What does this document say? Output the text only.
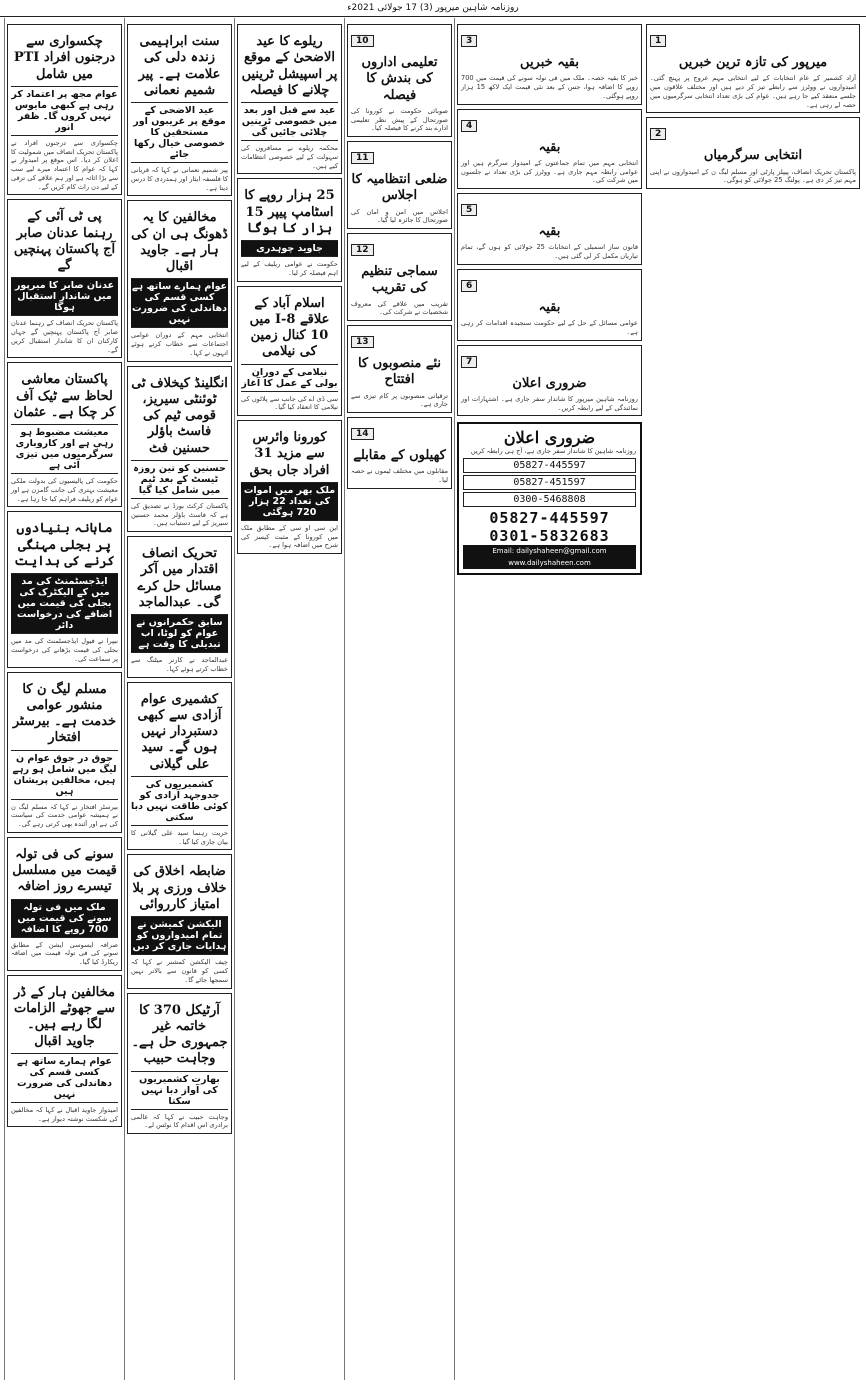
روزنامہ شاہین میرپور (3) 17 جولائی 2021ء
1
میرپور کی تازہ ترین خبریں
آزاد کشمیر کے عام انتخابات کے لیے انتخابی مہم عروج پر پہنچ گئی۔ امیدواروں نے ووٹرز سے رابطے تیز کر دیے ہیں اور مختلف علاقوں میں جلسے منعقد کیے جا رہے ہیں۔ عوام کی بڑی تعداد انتخابی سرگرمیوں میں حصہ لے رہی ہے۔
2
انتخابی سرگرمیاں
پاکستان تحریک انصاف، پیپلز پارٹی اور مسلم لیگ ن کے امیدواروں نے اپنی مہم تیز کر دی ہے۔ پولنگ 25 جولائی کو ہوگی۔
3
بقیہ خبریں
خبر کا بقیہ حصہ۔ ملک میں فی تولہ سونے کی قیمت میں 700 روپے کا اضافہ ہوا، جس کے بعد نئی قیمت ایک لاکھ 15 ہزار روپے ہوگئی۔
4
بقیہ
انتخابی مہم میں تمام جماعتوں کے امیدوار سرگرم ہیں اور عوامی رابطہ مہم جاری ہے۔ ووٹرز کی بڑی تعداد نے جلسوں میں شرکت کی۔
5
بقیہ
قانون ساز اسمبلی کے انتخابات 25 جولائی کو ہوں گے، تمام تیاریاں مکمل کر لی گئی ہیں۔
6
بقیہ
عوامی مسائل کے حل کے لیے حکومت سنجیدہ اقدامات کر رہی ہے۔
7
ضروری اعلان
روزنامہ شاہین میرپور کا شاندار سفر جاری ہے۔ اشتہارات اور نمائندگی کے لیے رابطہ کریں۔
ضروری اعلان
روزنامہ شاہین کا شاندار سفر جاری ہے، آج ہی رابطہ کریں
05827-445597
05827-451597
0300-5468808
05827-445597
0301-5832683
Email: dailyshaheen@gmail.com
www.dailyshaheen.com
10
تعلیمی اداروں کی بندش کا فیصلہ
صوبائی حکومت نے کورونا کی صورتحال کے پیش نظر تعلیمی ادارے بند کرنے کا فیصلہ کیا۔
11
ضلعی انتظامیہ کا اجلاس
اجلاس میں امن و امان کی صورتحال کا جائزہ لیا گیا۔
12
سماجی تنظیم کی تقریب
تقریب میں علاقے کی معروف شخصیات نے شرکت کی۔
13
نئے منصوبوں کا افتتاح
ترقیاتی منصوبوں پر کام تیزی سے جاری ہے۔
14
کھیلوں کے مقابلے
مقابلوں میں مختلف ٹیموں نے حصہ لیا۔
ریلوے کا عید الاضحیٰ کے موقع پر اسپیشل ٹرینیں چلانے کا فیصلہ
عید سے قبل اور بعد میں خصوصی ٹرینیں چلائی جائیں گی
محکمہ ریلوے نے مسافروں کی سہولت کے لیے خصوصی انتظامات کیے ہیں۔
25 ہزار روپے کا اسٹامپ پیپر 15 ہزار کا ہوگا
جاوید چوہدری
حکومت نے عوامی ریلیف کے لیے اہم فیصلہ کر لیا۔
اسلام آباد کے علاقے I-8 میں 10 کنال زمین کی نیلامی
نیلامی کے دوران بولی کے عمل کا آغاز
سی ڈی اے کی جانب سے پلاٹوں کی نیلامی کا انعقاد کیا گیا۔
کورونا وائرس سے مزید 31 افراد جاں بحق
ملک بھر میں اموات کی تعداد 22 ہزار 720 ہوگئی
این سی او سی کے مطابق ملک میں کورونا کے مثبت کیسز کی شرح میں اضافہ ہوا ہے۔
سنت ابراہیمی زندہ دلی کی علامت ہے۔ پیر شمیم نعمانی
عید الاضحی کے موقع پر غریبوں اور مستحقین کا خصوصی خیال رکھا جائے
پیر شمیم نعمانی نے کہا کہ قربانی کا فلسفہ ایثار اور ہمدردی کا درس دیتا ہے۔
مخالفین کا یہ ڈھونگ ہی ان کی ہار ہے۔ جاوید اقبال
عوام ہمارے ساتھ ہے کسی قسم کی دھاندلی کی ضرورت نہیں
انتخابی مہم کے دوران عوامی اجتماعات سے خطاب کرتے ہوئے انہوں نے کہا۔
انگلینڈ کیخلاف ٹی ٹوئنٹی سیریز، قومی ٹیم کی فاسٹ باؤلر حسنین فٹ
حسنین کو تین روزہ ٹیسٹ کے بعد ٹیم میں شامل کیا گیا
پاکستان کرکٹ بورڈ نے تصدیق کی ہے کہ فاسٹ باؤلر محمد حسنین سیریز کے لیے دستیاب ہیں۔
تحریک انصاف اقتدار میں آکر مسائل حل کرے گی۔ عبدالماجد
سابق حکمرانوں نے عوام کو لوٹا، اب تبدیلی کا وقت ہے
عبدالماجد نے کارنر میٹنگ سے خطاب کرتے ہوئے کہا۔
کشمیری عوام آزادی سے کبھی دستبردار نہیں ہوں گے۔ سید علی گیلانی
کشمیریوں کی جدوجہد آزادی کو کوئی طاقت نہیں دبا سکتی
حریت رہنما سید علی گیلانی کا بیان جاری کیا گیا۔
ضابطہ اخلاق کی خلاف ورزی پر بلا امتیاز کارروائی
الیکشن کمیشن نے تمام امیدواروں کو ہدایات جاری کر دیں
چیف الیکشن کمشنر نے کہا کہ کسی کو قانون سے بالاتر نہیں سمجھا جائے گا۔
آرٹیکل 370 کا خاتمہ غیر جمہوری حل ہے۔ وجاہت حبیب
بھارت کشمیریوں کی آواز دبا نہیں سکتا
وجاہت حبیب نے کہا کہ عالمی برادری اس اقدام کا نوٹس لے۔
چکسواری سے درجنوں افراد PTI میں شامل
عوام مجھ پر اعتماد کر رہی ہے کبھی مایوس نہیں کروں گا۔ ظفر انور
چکسواری سے درجنوں افراد نے پاکستان تحریک انصاف میں شمولیت کا اعلان کر دیا۔ اس موقع پر امیدوار نے کہا کہ عوام کا اعتماد میرے لیے سب سے بڑا اثاثہ ہے اور ہم علاقے کی ترقی کے لیے دن رات کام کریں گے۔
پی ٹی آئی کے رہنما عدنان صابر آج پاکستان پہنچیں گے
عدنان صابر کا میرپور میں شاندار استقبال ہوگا
پاکستان تحریک انصاف کے رہنما عدنان صابر آج پاکستان پہنچیں گے جہاں کارکنان ان کا شاندار استقبال کریں گے۔
پاکستان معاشی لحاظ سے ٹیک آف کر چکا ہے۔ عثمان
معیشت مضبوط ہو رہی ہے اور کاروباری سرگرمیوں میں تیزی آئی ہے
حکومت کی پالیسیوں کی بدولت ملکی معیشت بہتری کی جانب گامزن ہے اور عوام کو ریلیف فراہم کیا جا رہا ہے۔
ماہانہ بنیادوں پر بجلی مہنگی کرنے کی ہدایت
ایڈجسٹمنٹ کی مد میں کے الیکٹرک کی بجلی کی قیمت میں اضافے کی درخواست دائر
نیپرا نے فیول ایڈجسٹمنٹ کی مد میں بجلی کی قیمت بڑھانے کی درخواست پر سماعت کی۔
مسلم لیگ ن کا منشور عوامی خدمت ہے۔ بیرسٹر افتخار
جوق در جوق عوام ن لیگ میں شامل ہو رہے ہیں، مخالفین پریشان ہیں
بیرسٹر افتخار نے کہا کہ مسلم لیگ ن نے ہمیشہ عوامی خدمت کی سیاست کی ہے اور آئندہ بھی کرتی رہے گی۔
سونے کی فی تولہ قیمت میں مسلسل تیسرے روز اضافہ
ملک میں فی تولہ سونے کی قیمت میں 700 روپے کا اضافہ
صرافہ ایسوسی ایشن کے مطابق سونے کی فی تولہ قیمت میں اضافہ ریکارڈ کیا گیا۔
مخالفین ہار کے ڈر سے جھوٹے الزامات لگا رہے ہیں۔ جاوید اقبال
عوام ہمارے ساتھ ہے کسی قسم کی دھاندلی کی ضرورت نہیں
امیدوار جاوید اقبال نے کہا کہ مخالفین کی شکست نوشتہ دیوار ہے۔
